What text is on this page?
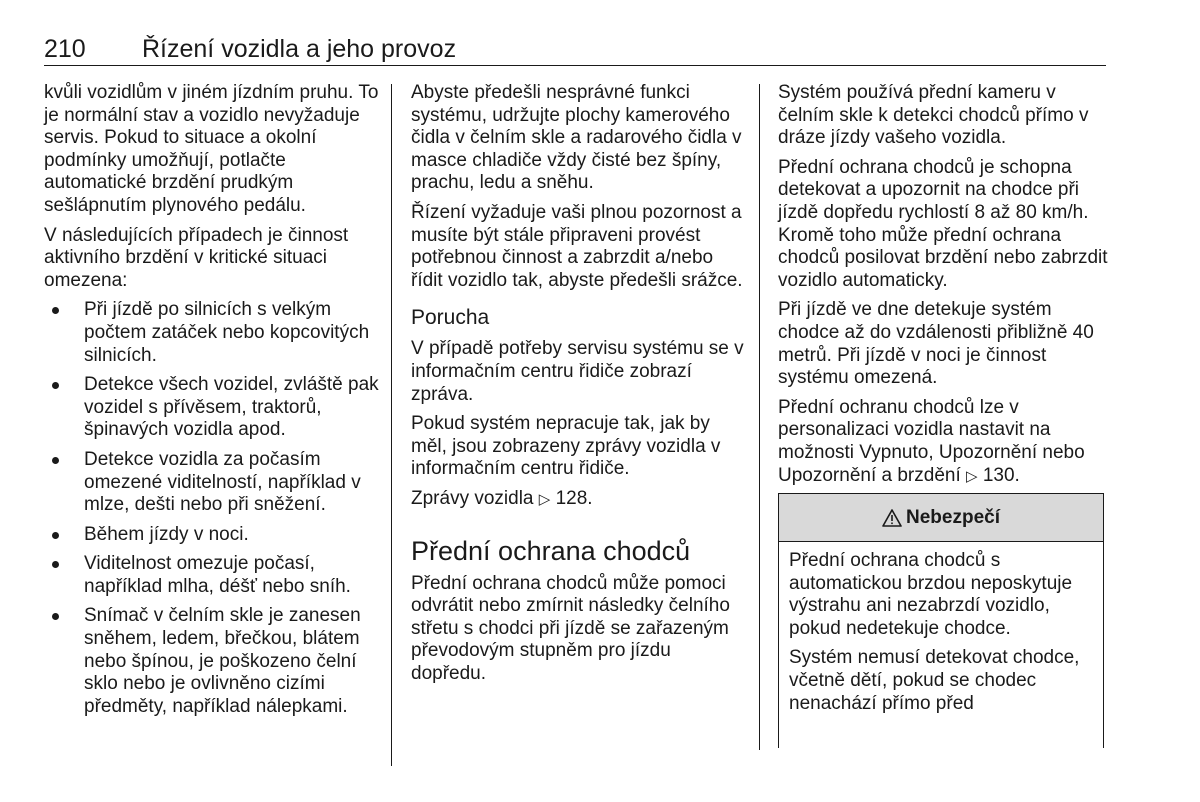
210	Řízení vozidla a jeho provoz

kvůli vozidlům v jiném jízdním pruhu. To je normální stav a vozidlo nevyžaduje servis. Pokud to situace a okolní podmínky umožňují, potlačte automatické brzdění prudkým sešlápnutím plynového pedálu.

V následujících případech je činnost aktivního brzdění v kritické situaci omezena:

Při jízdě po silnicích s velkým počtem zatáček nebo kopcovitých silnicích.
Detekce všech vozidel, zvláště pak vozidel s přívěsem, traktorů, špinavých vozidla apod.
Detekce vozidla za počasím omezené viditelností, například v mlze, dešti nebo při sněžení.
Během jízdy v noci.
Viditelnost omezuje počasí, například mlha, déšť nebo sníh.
Snímač v čelním skle je zanesen sněhem, ledem, břečkou, blátem nebo špínou, je poškozeno čelní sklo nebo je ovlivněno cizími předměty, například nálepkami.

Abyste předešli nesprávné funkci systému, udržujte plochy kamerového čidla v čelním skle a radarového čidla v masce chladiče vždy čisté bez špíny, prachu, ledu a sněhu.

Řízení vyžaduje vaši plnou pozornost a musíte být stále připraveni provést potřebnou činnost a zabrzdit a/nebo řídit vozidlo tak, abyste předešli srážce.

Porucha

V případě potřeby servisu systému se v informačním centru řidiče zobrazí zpráva.

Pokud systém nepracuje tak, jak by měl, jsou zobrazeny zprávy vozidla v informačním centru řidiče.

Zprávy vozidla ▷ 128.

Přední ochrana chodců

Přední ochrana chodců může pomoci odvrátit nebo zmírnit následky čelního střetu s chodci při jízdě se zařazeným převodovým stupněm pro jízdu dopředu.

Systém používá přední kameru v čelním skle k detekci chodců přímo v dráze jízdy vašeho vozidla.

Přední ochrana chodců je schopna detekovat a upozornit na chodce při jízdě dopředu rychlostí 8 až 80 km/h. Kromě toho může přední ochrana chodců posilovat brzdění nebo zabrzdit vozidlo automaticky.

Při jízdě ve dne detekuje systém chodce až do vzdálenosti přibližně 40 metrů. Při jízdě v noci je činnost systému omezená.

Přední ochranu chodců lze v personalizaci vozidla nastavit na možnosti Vypnuto, Upozornění nebo Upozornění a brzdění ▷ 130.

Nebezpečí

Přední ochrana chodců s automatickou brzdou neposkytuje výstrahu ani nezabrzdí vozidlo, pokud nedetekuje chodce.

Systém nemusí detekovat chodce, včetně dětí, pokud se chodec nenachází přímo před
